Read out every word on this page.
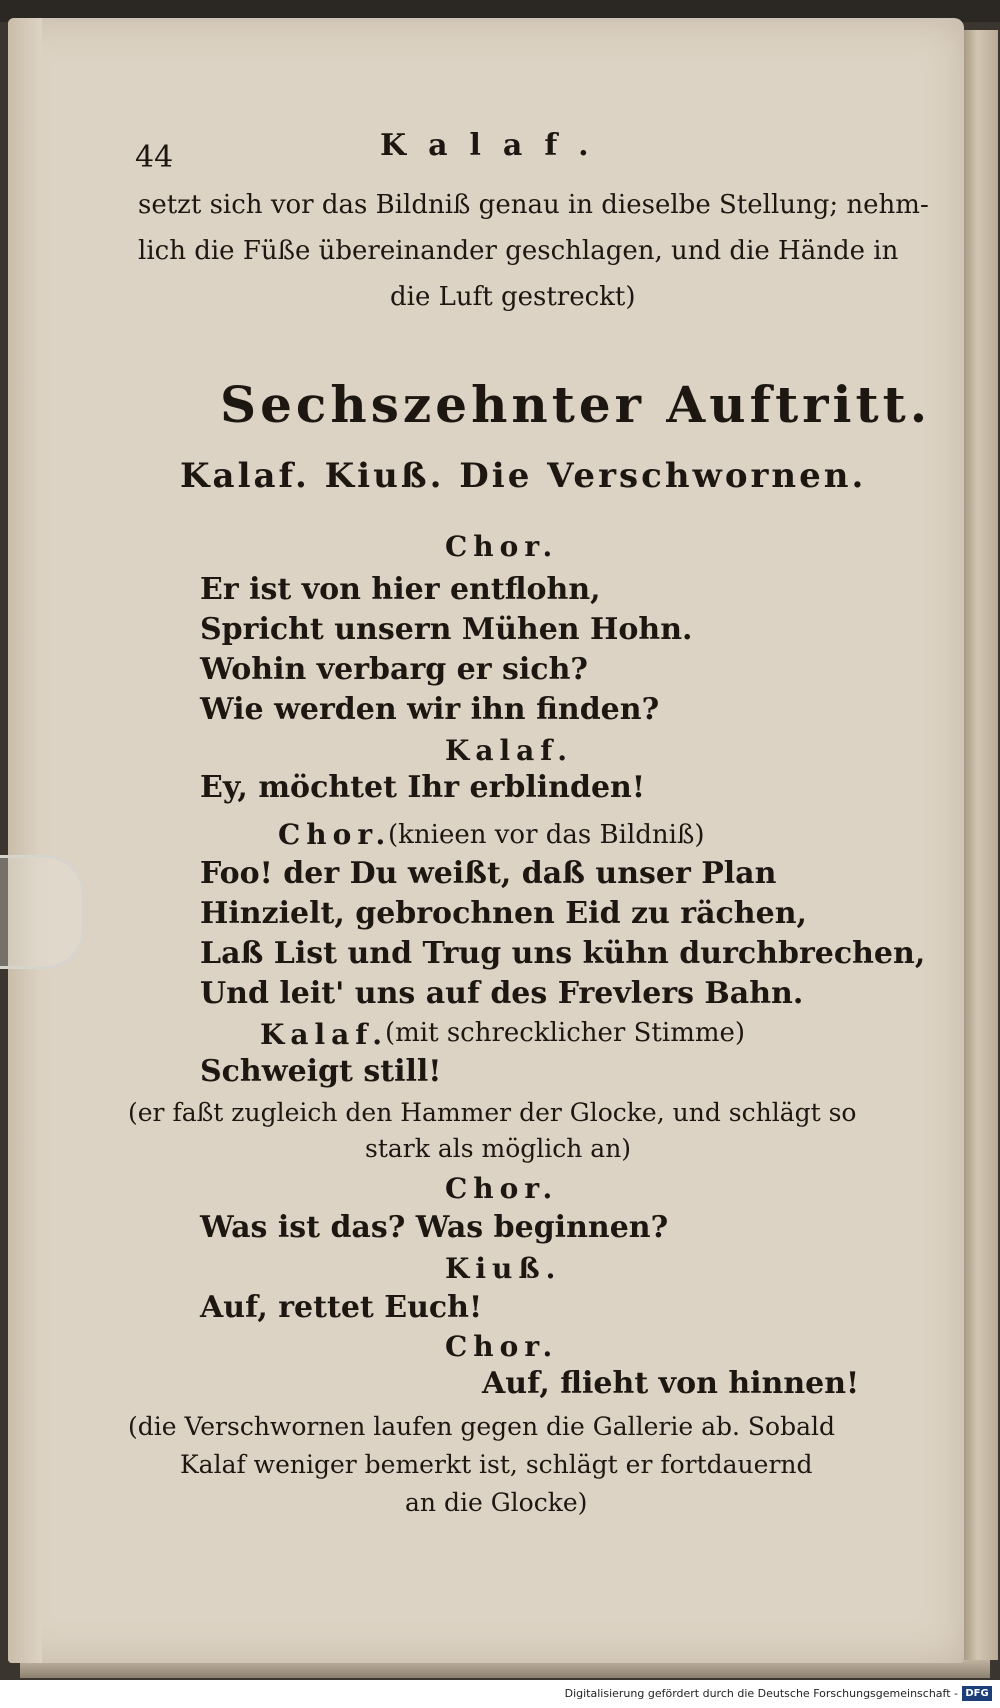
44	Kalaf.
setzt sich vor das Bildniß genau in dieselbe Stellung; nehm-
lich die Füße übereinander geschlagen, und die Hände in
die Luft gestreckt)
Sechszehnter Auftritt.
Kalaf. Kiuß. Die Verschwornen.
Chor.
Er ist von hier entflohn,
Spricht unsern Mühen Hohn.
Wohin verbarg er sich?
Wie werden wir ihn finden?
Kalaf.
Ey, möchtet Ihr erblinden!
Chor.
(knieen vor das Bildniß)
Foo! der Du weißt, daß unser Plan
Hinzielt, gebrochnen Eid zu rächen,
Laß List und Trug uns kühn durchbrechen,
Und leit' uns auf des Frevlers Bahn.
Kalaf.
(mit schrecklicher Stimme)
Schweigt still!
(er faßt zugleich den Hammer der Glocke, und schlägt so
stark als möglich an)
Chor.
Was ist das? Was beginnen?
Kiuß.
Auf, rettet Euch!
Chor.
Auf, flieht von hinnen!
(die Verschwornen laufen gegen die Gallerie ab. Sobald
Kalaf weniger bemerkt ist, schlägt er fortdauernd
an die Glocke)
Digitalisierung gefördert durch die Deutsche Forschungsgemeinschaft - DFG
